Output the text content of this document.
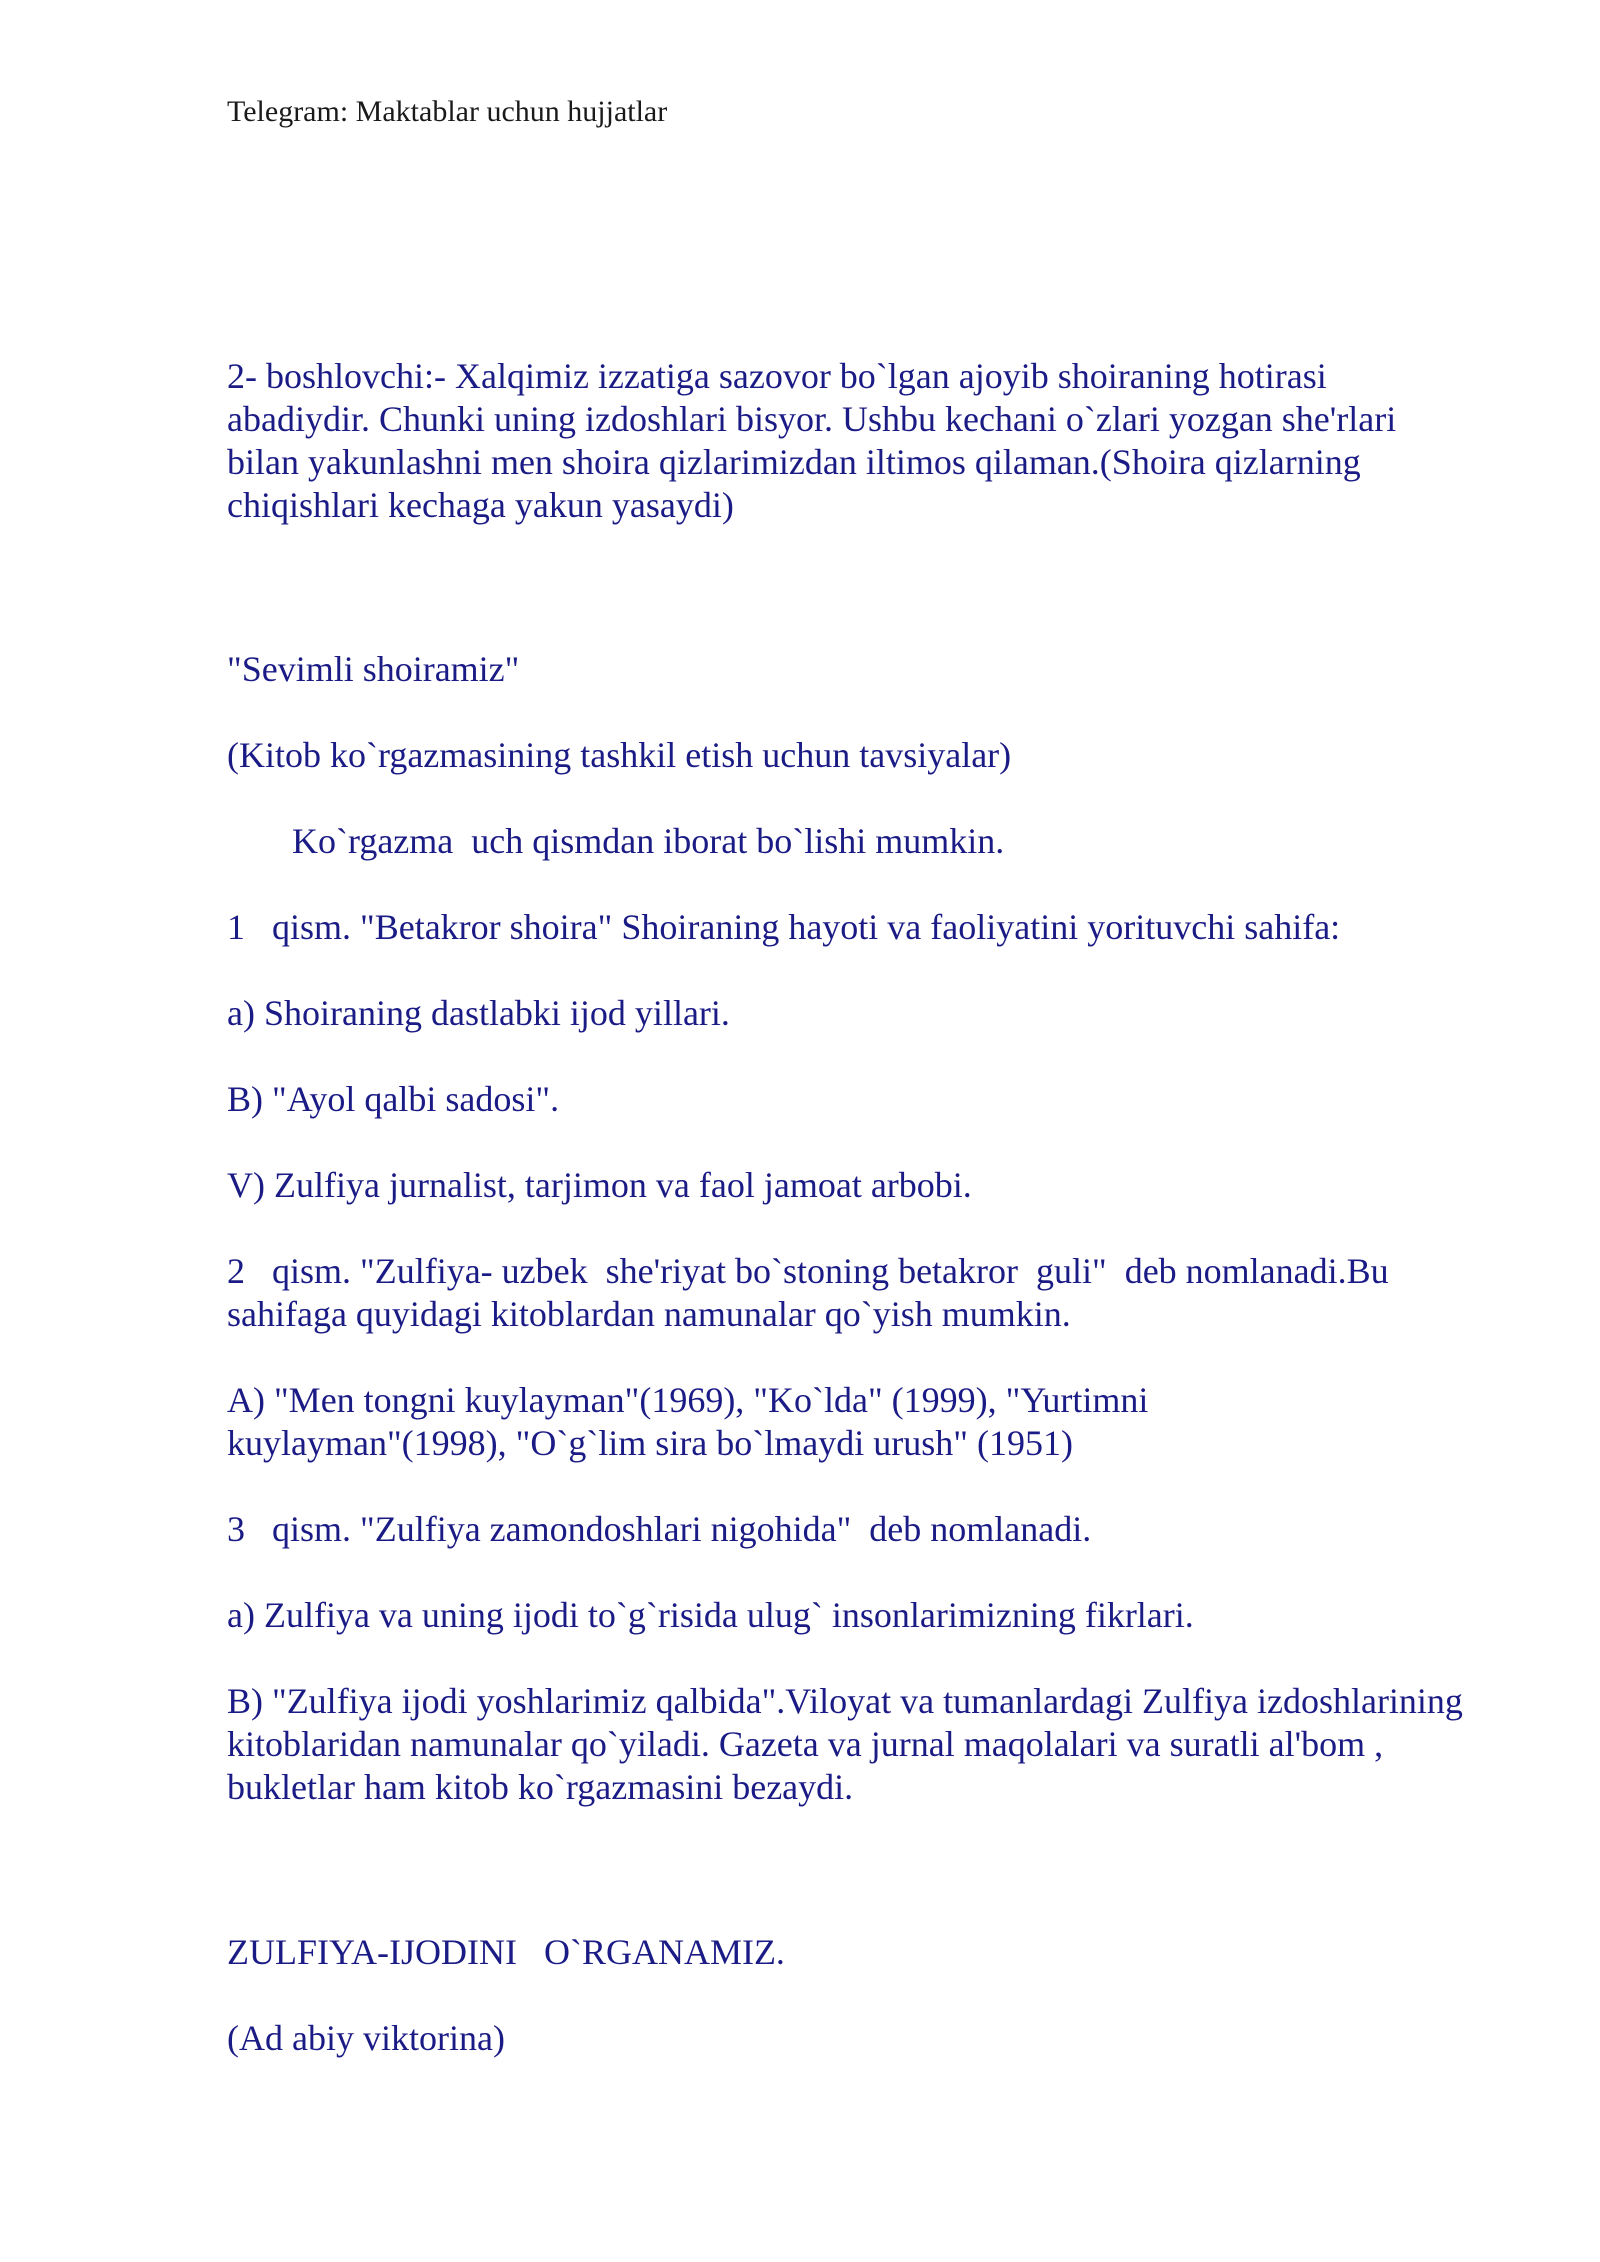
Telegram: Maktablar uchun hujjatlar
2- boshlovchi:- Xalqimiz izzatiga sazovor bo`lgan ajoyib shoiraning hotirasi abadiydir. Chunki uning izdoshlari bisyor. Ushbu kechani o`zlari yozgan she'rlari bilan yakunlashni men shoira qizlarimizdan iltimos qilaman.(Shoira qizlarning chiqishlari kechaga yakun yasaydi)
"Sevimli shoiramiz"
(Kitob ko`rgazmasining tashkil etish uchun tavsiyalar)
Ko`rgazma  uch qismdan iborat bo`lishi mumkin.
1   qism. "Betakror shoira" Shoiraning hayoti va faoliyatini yorituvchi sahifa:
a) Shoiraning dastlabki ijod yillari.
B) "Ayol qalbi sadosi".
V) Zulfiya jurnalist, tarjimon va faol jamoat arbobi.
2   qism. "Zulfiya- uzbek  she'riyat bo`stoning betakror  guli"  deb nomlanadi.Bu sahifaga quyidagi kitoblardan namunalar qo`yish mumkin.
A) "Men tongni kuylayman"(1969), "Ko`lda" (1999), "Yurtimni kuylayman"(1998), "O`g`lim sira bo`lmaydi urush" (1951)
3   qism. "Zulfiya zamondoshlari nigohida"  deb nomlanadi.
a) Zulfiya va uning ijodi to`g`risida ulug` insonlarimizning fikrlari.
B) "Zulfiya ijodi yoshlarimiz qalbida".Viloyat va tumanlardagi Zulfiya izdoshlarining kitoblaridan namunalar qo`yiladi. Gazeta va jurnal maqolalari va suratli al'bom , bukletlar ham kitob ko`rgazmasini bezaydi.
ZULFIYA-IJODINI   O`RGANAMIZ.
(Ad abiy viktorina)
